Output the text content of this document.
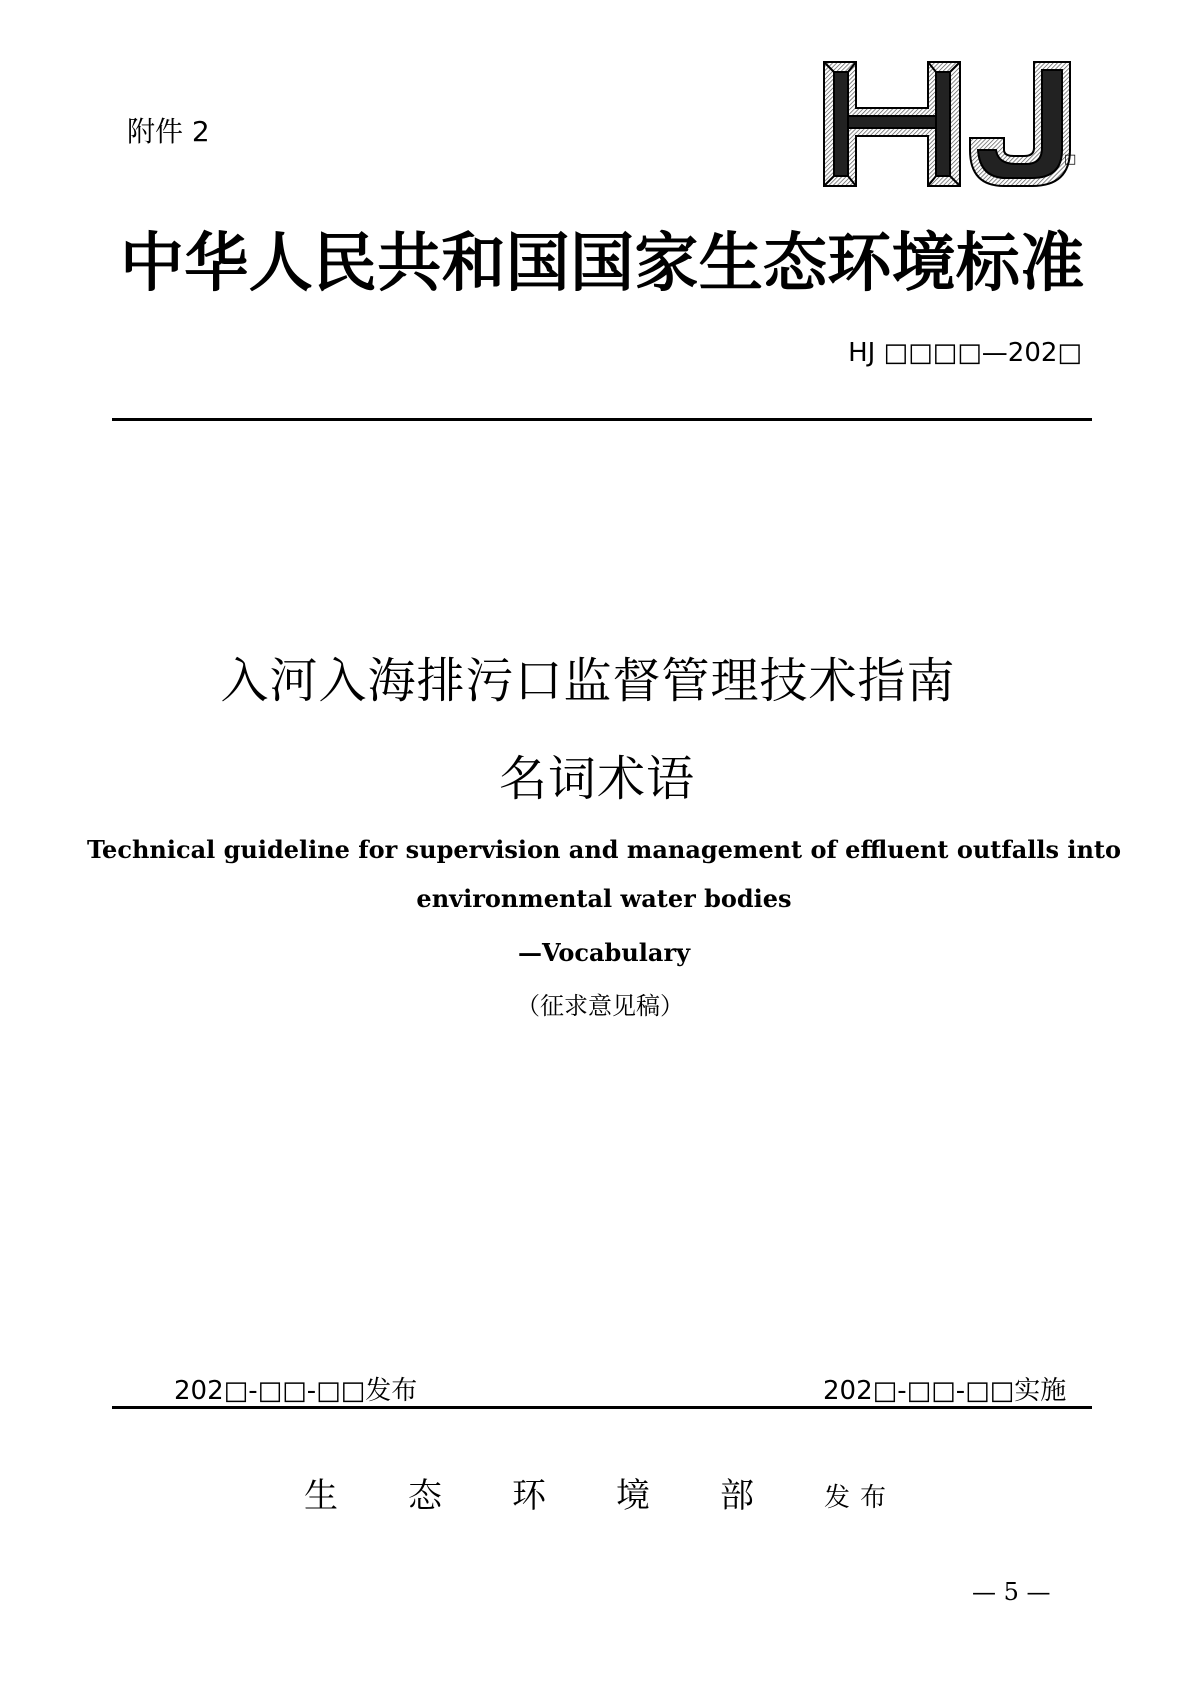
附件 2
□
中华人民共和国国家生态环境标准
HJ □□□□—202□
入河入海排污口监督管理技术指南
名词术语
Technical guideline for supervision and management of effluent outfalls into
environmental water bodies
—Vocabulary
（征求意见稿）
202□-□□-□□发布	202□-□□-□□实施
生态环境部 发布
— 5 —
